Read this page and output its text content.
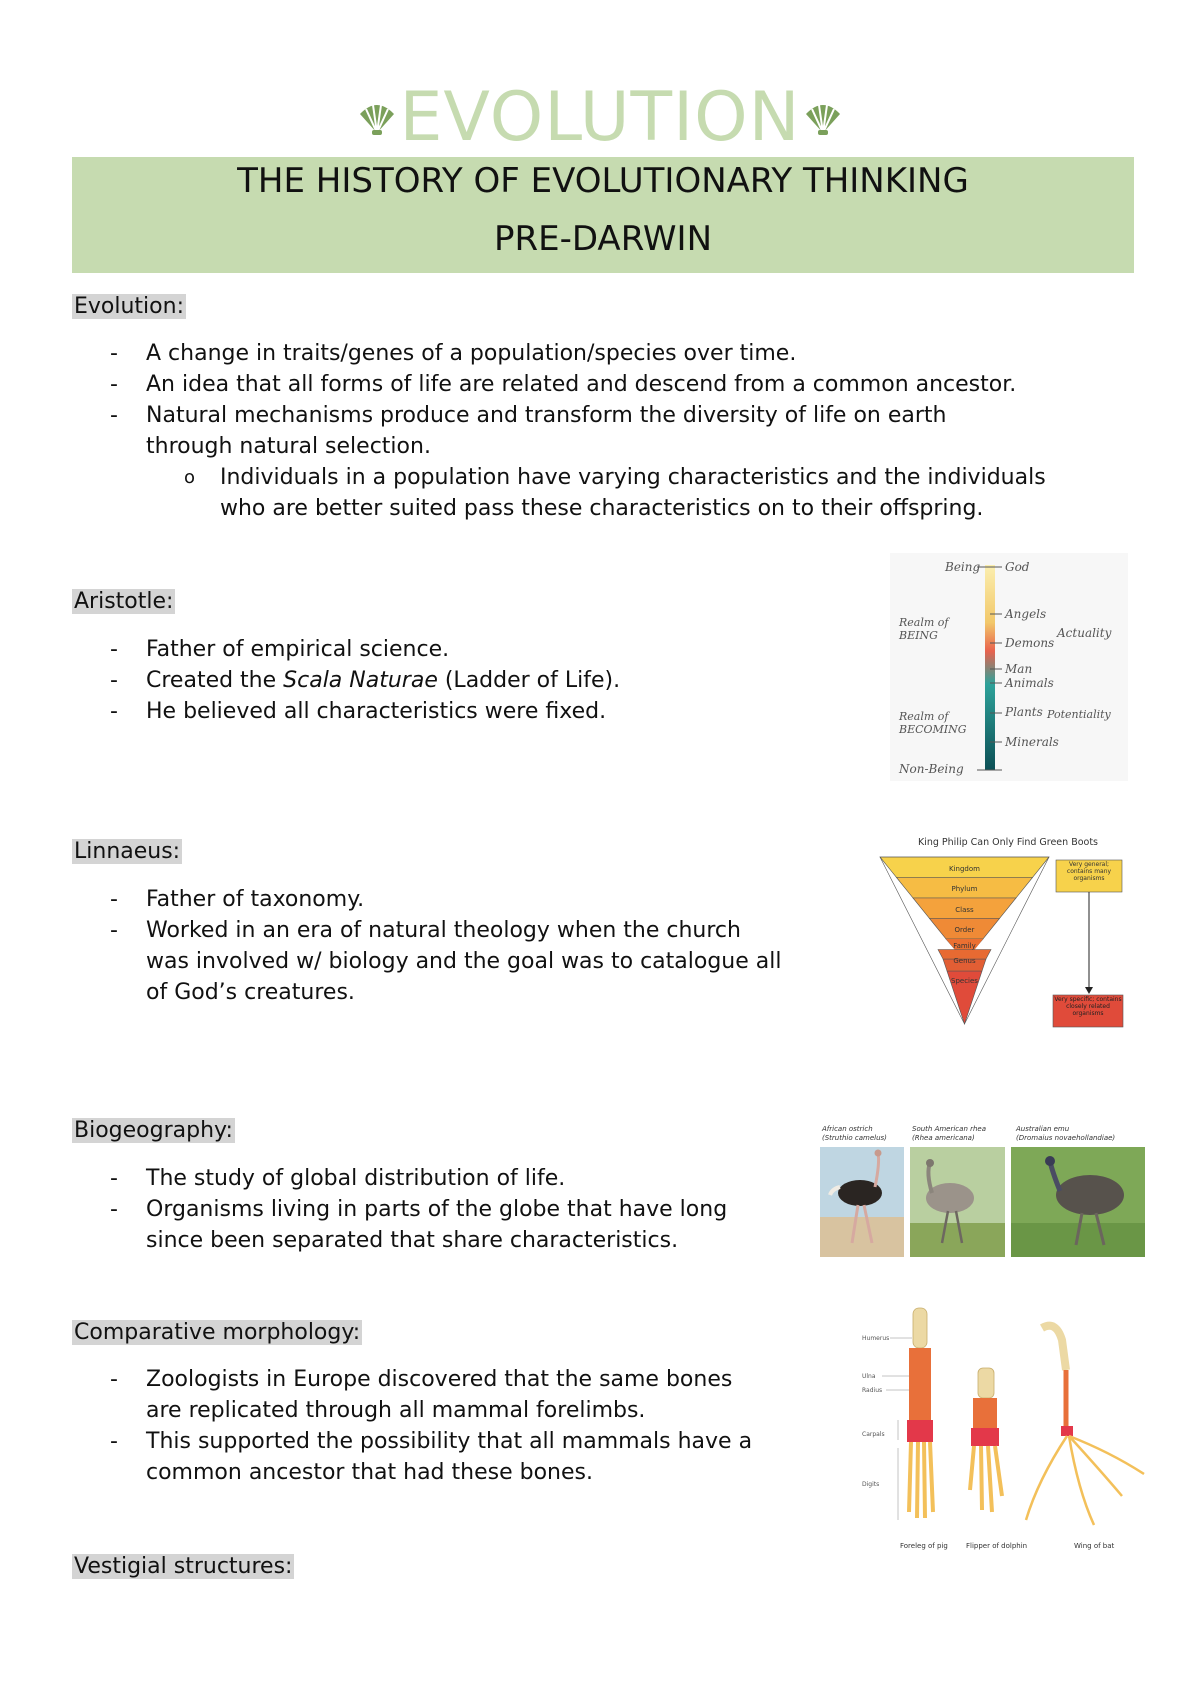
EVOLUTION
THE HISTORY OF EVOLUTIONARY THINKING
PRE-DARWIN
Evolution:
- A change in traits/genes of a population/species over time.
- An idea that all forms of life are related and descend from a common ancestor.
- Natural mechanisms produce and transform the diversity of life on earth
through natural selection.
o Individuals in a population have varying characteristics and the individuals
who are better suited pass these characteristics on to their offspring.
Aristotle:
- Father of empirical science.
- Created the Scala Naturae (Ladder of Life).
- He believed all characteristics were fixed.
Being God
Angels
Demons
Actuality
Realm of
BEING
Man
Animals
Plants Potentiality
Realm of
BECOMING
Minerals
Non-Being
Linnaeus:
- Father of taxonomy.
- Worked in an era of natural theology when the church
was involved w/ biology and the goal was to catalogue all
of God’s creatures.
King Philip Can Only Find Green Boots
Kingdom
Phylum
Class
Order
Family
Genus
Species
Very general; contains many organisms
Very specific; contains closely related organisms
Biogeography:
- The study of global distribution of life.
- Organisms living in parts of the globe that have long
since been separated that share characteristics.
African ostrich
(Struthio camelus)
South American rhea
(Rhea americana)
Australian emu
(Dromaius novaehollandiae)
Comparative morphology:
- Zoologists in Europe discovered that the same bones
are replicated through all mammal forelimbs.
- This supported the possibility that all mammals have a
common ancestor that had these bones.
Humerus
Ulna
Radius
Carpals
Digits
Foreleg of pig	Flipper of dolphin	Wing of bat
Vestigial structures:
